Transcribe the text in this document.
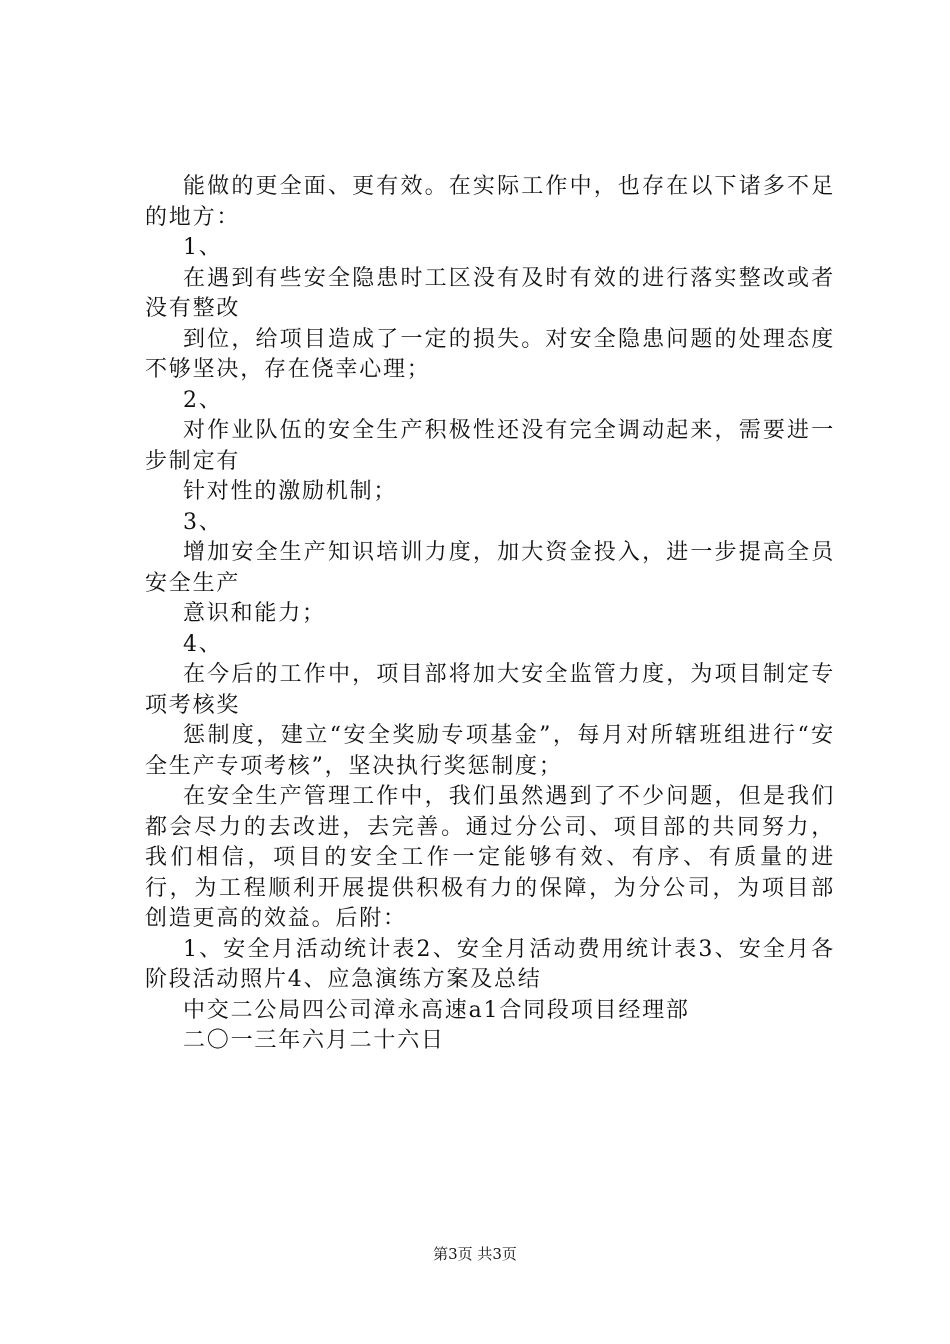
能做的更全面、更有效。在实际工作中，也存在以下诸多不足的地方：

1、

在遇到有些安全隐患时工区没有及时有效的进行落实整改或者没有整改

到位，给项目造成了一定的损失。对安全隐患问题的处理态度不够坚决，存在侥幸心理；

2、

对作业队伍的安全生产积极性还没有完全调动起来，需要进一步制定有

针对性的激励机制；

3、

增加安全生产知识培训力度，加大资金投入，进一步提高全员安全生产

意识和能力；

4、

在今后的工作中，项目部将加大安全监管力度，为项目制定专项考核奖

惩制度，建立“安全奖励专项基金”，每月对所辖班组进行“安全生产专项考核”，坚决执行奖惩制度；

在安全生产管理工作中，我们虽然遇到了不少问题，但是我们都会尽力的去改进，去完善。通过分公司、项目部的共同努力，我们相信，项目的安全工作一定能够有效、有序、有质量的进行，为工程顺利开展提供积极有力的保障，为分公司，为项目部创造更高的效益。后附：

1、安全月活动统计表2、安全月活动费用统计表3、安全月各阶段活动照片4、应急演练方案及总结

中交二公局四公司漳永高速a1合同段项目经理部

二〇一三年六月二十六日

第3页 共3页
